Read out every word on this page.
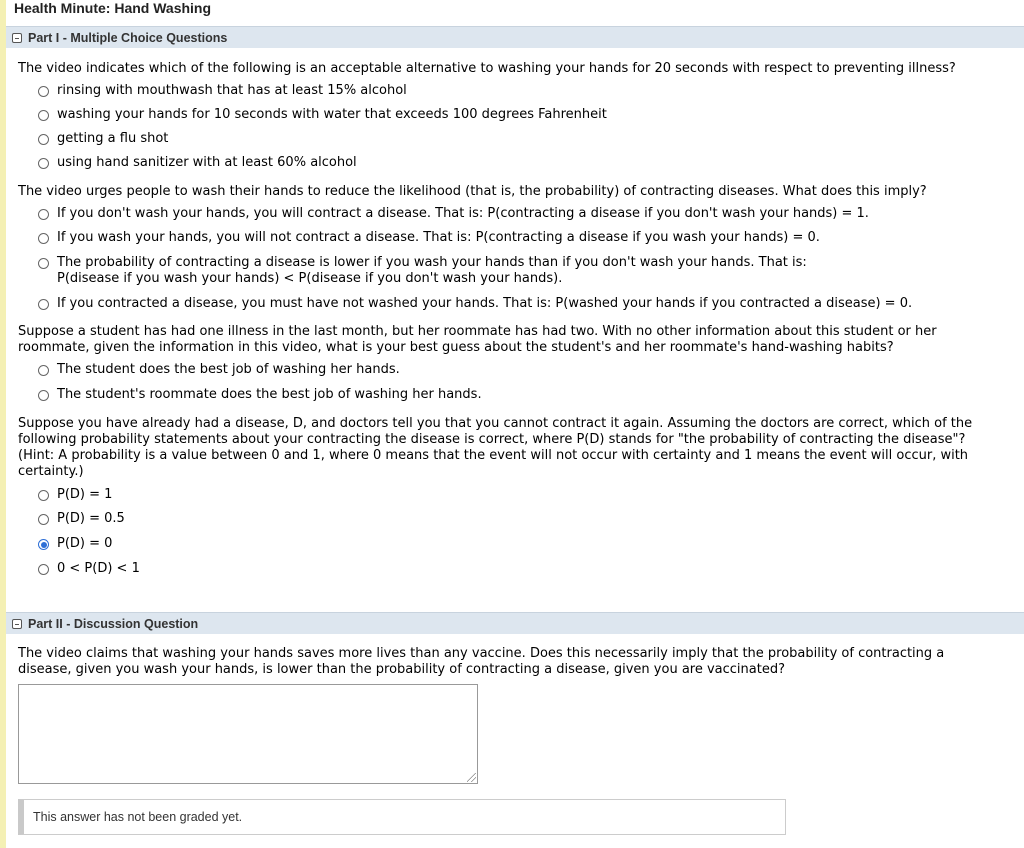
Health Minute: Hand Washing
Part I - Multiple Choice Questions
The video indicates which of the following is an acceptable alternative to washing your hands for 20 seconds with respect to preventing illness?
rinsing with mouthwash that has at least 15% alcohol
washing your hands for 10 seconds with water that exceeds 100 degrees Fahrenheit
getting a flu shot
using hand sanitizer with at least 60% alcohol
The video urges people to wash their hands to reduce the likelihood (that is, the probability) of contracting diseases. What does this imply?
If you don't wash your hands, you will contract a disease. That is: P(contracting a disease if you don't wash your hands) = 1.
If you wash your hands, you will not contract a disease. That is: P(contracting a disease if you wash your hands) = 0.
The probability of contracting a disease is lower if you wash your hands than if you don't wash your hands. That is:
P(disease if you wash your hands) < P(disease if you don't wash your hands).
If you contracted a disease, you must have not washed your hands. That is: P(washed your hands if you contracted a disease) = 0.
Suppose a student has had one illness in the last month, but her roommate has had two. With no other information about this student or her
roommate, given the information in this video, what is your best guess about the student's and her roommate's hand-washing habits?
The student does the best job of washing her hands.
The student's roommate does the best job of washing her hands.
Suppose you have already had a disease, D, and doctors tell you that you cannot contract it again. Assuming the doctors are correct, which of the
following probability statements about your contracting the disease is correct, where P(D) stands for "the probability of contracting the disease"?
(Hint: A probability is a value between 0 and 1, where 0 means that the event will not occur with certainty and 1 means the event will occur, with
certainty.)
P(D) = 1
P(D) = 0.5
P(D) = 0
0 < P(D) < 1
Part II - Discussion Question
The video claims that washing your hands saves more lives than any vaccine. Does this necessarily imply that the probability of contracting a
disease, given you wash your hands, is lower than the probability of contracting a disease, given you are vaccinated?
This answer has not been graded yet.
